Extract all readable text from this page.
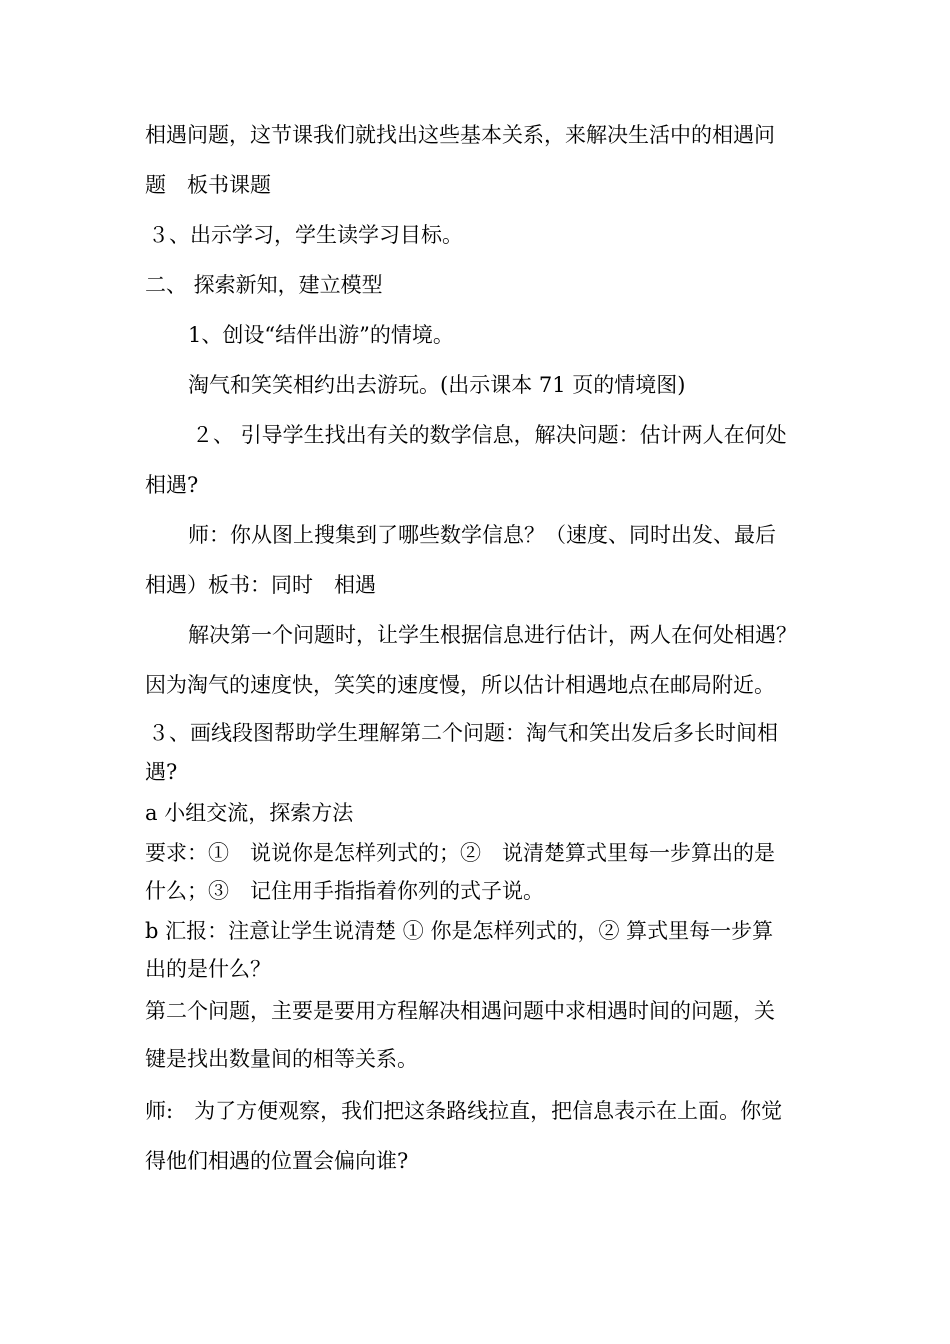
相遇问题，这节课我们就找出这些基本关系，来解决生活中的相遇问
题　板书课题
３、出示学习，学生读学习目标。
二、 探索新知，建立模型
1、创设“结伴出游”的情境。
淘气和笑笑相约出去游玩。(出示课本 71 页的情境图)
２、 引导学生找出有关的数学信息，解决问题：估计两人在何处
相遇?
师：你从图上搜集到了哪些数学信息？（速度、同时出发、最后
相遇）板书：同时　相遇
解决第一个问题时，让学生根据信息进行估计，两人在何处相遇？
因为淘气的速度快，笑笑的速度慢，所以估计相遇地点在邮局附近。
３、画线段图帮助学生理解第二个问题：淘气和笑出发后多长时间相
遇?
a 小组交流，探索方法
要求：①　说说你是怎样列式的；②　说清楚算式里每一步算出的是
什么；③　记住用手指指着你列的式子说。
b 汇报：注意让学生说清楚 ① 你是怎样列式的，② 算式里每一步算
出的是什么？
第二个问题，主要是要用方程解决相遇问题中求相遇时间的问题，关
键是找出数量间的相等关系。
师:　为了方便观察，我们把这条路线拉直，把信息表示在上面。你觉
得他们相遇的位置会偏向谁?
